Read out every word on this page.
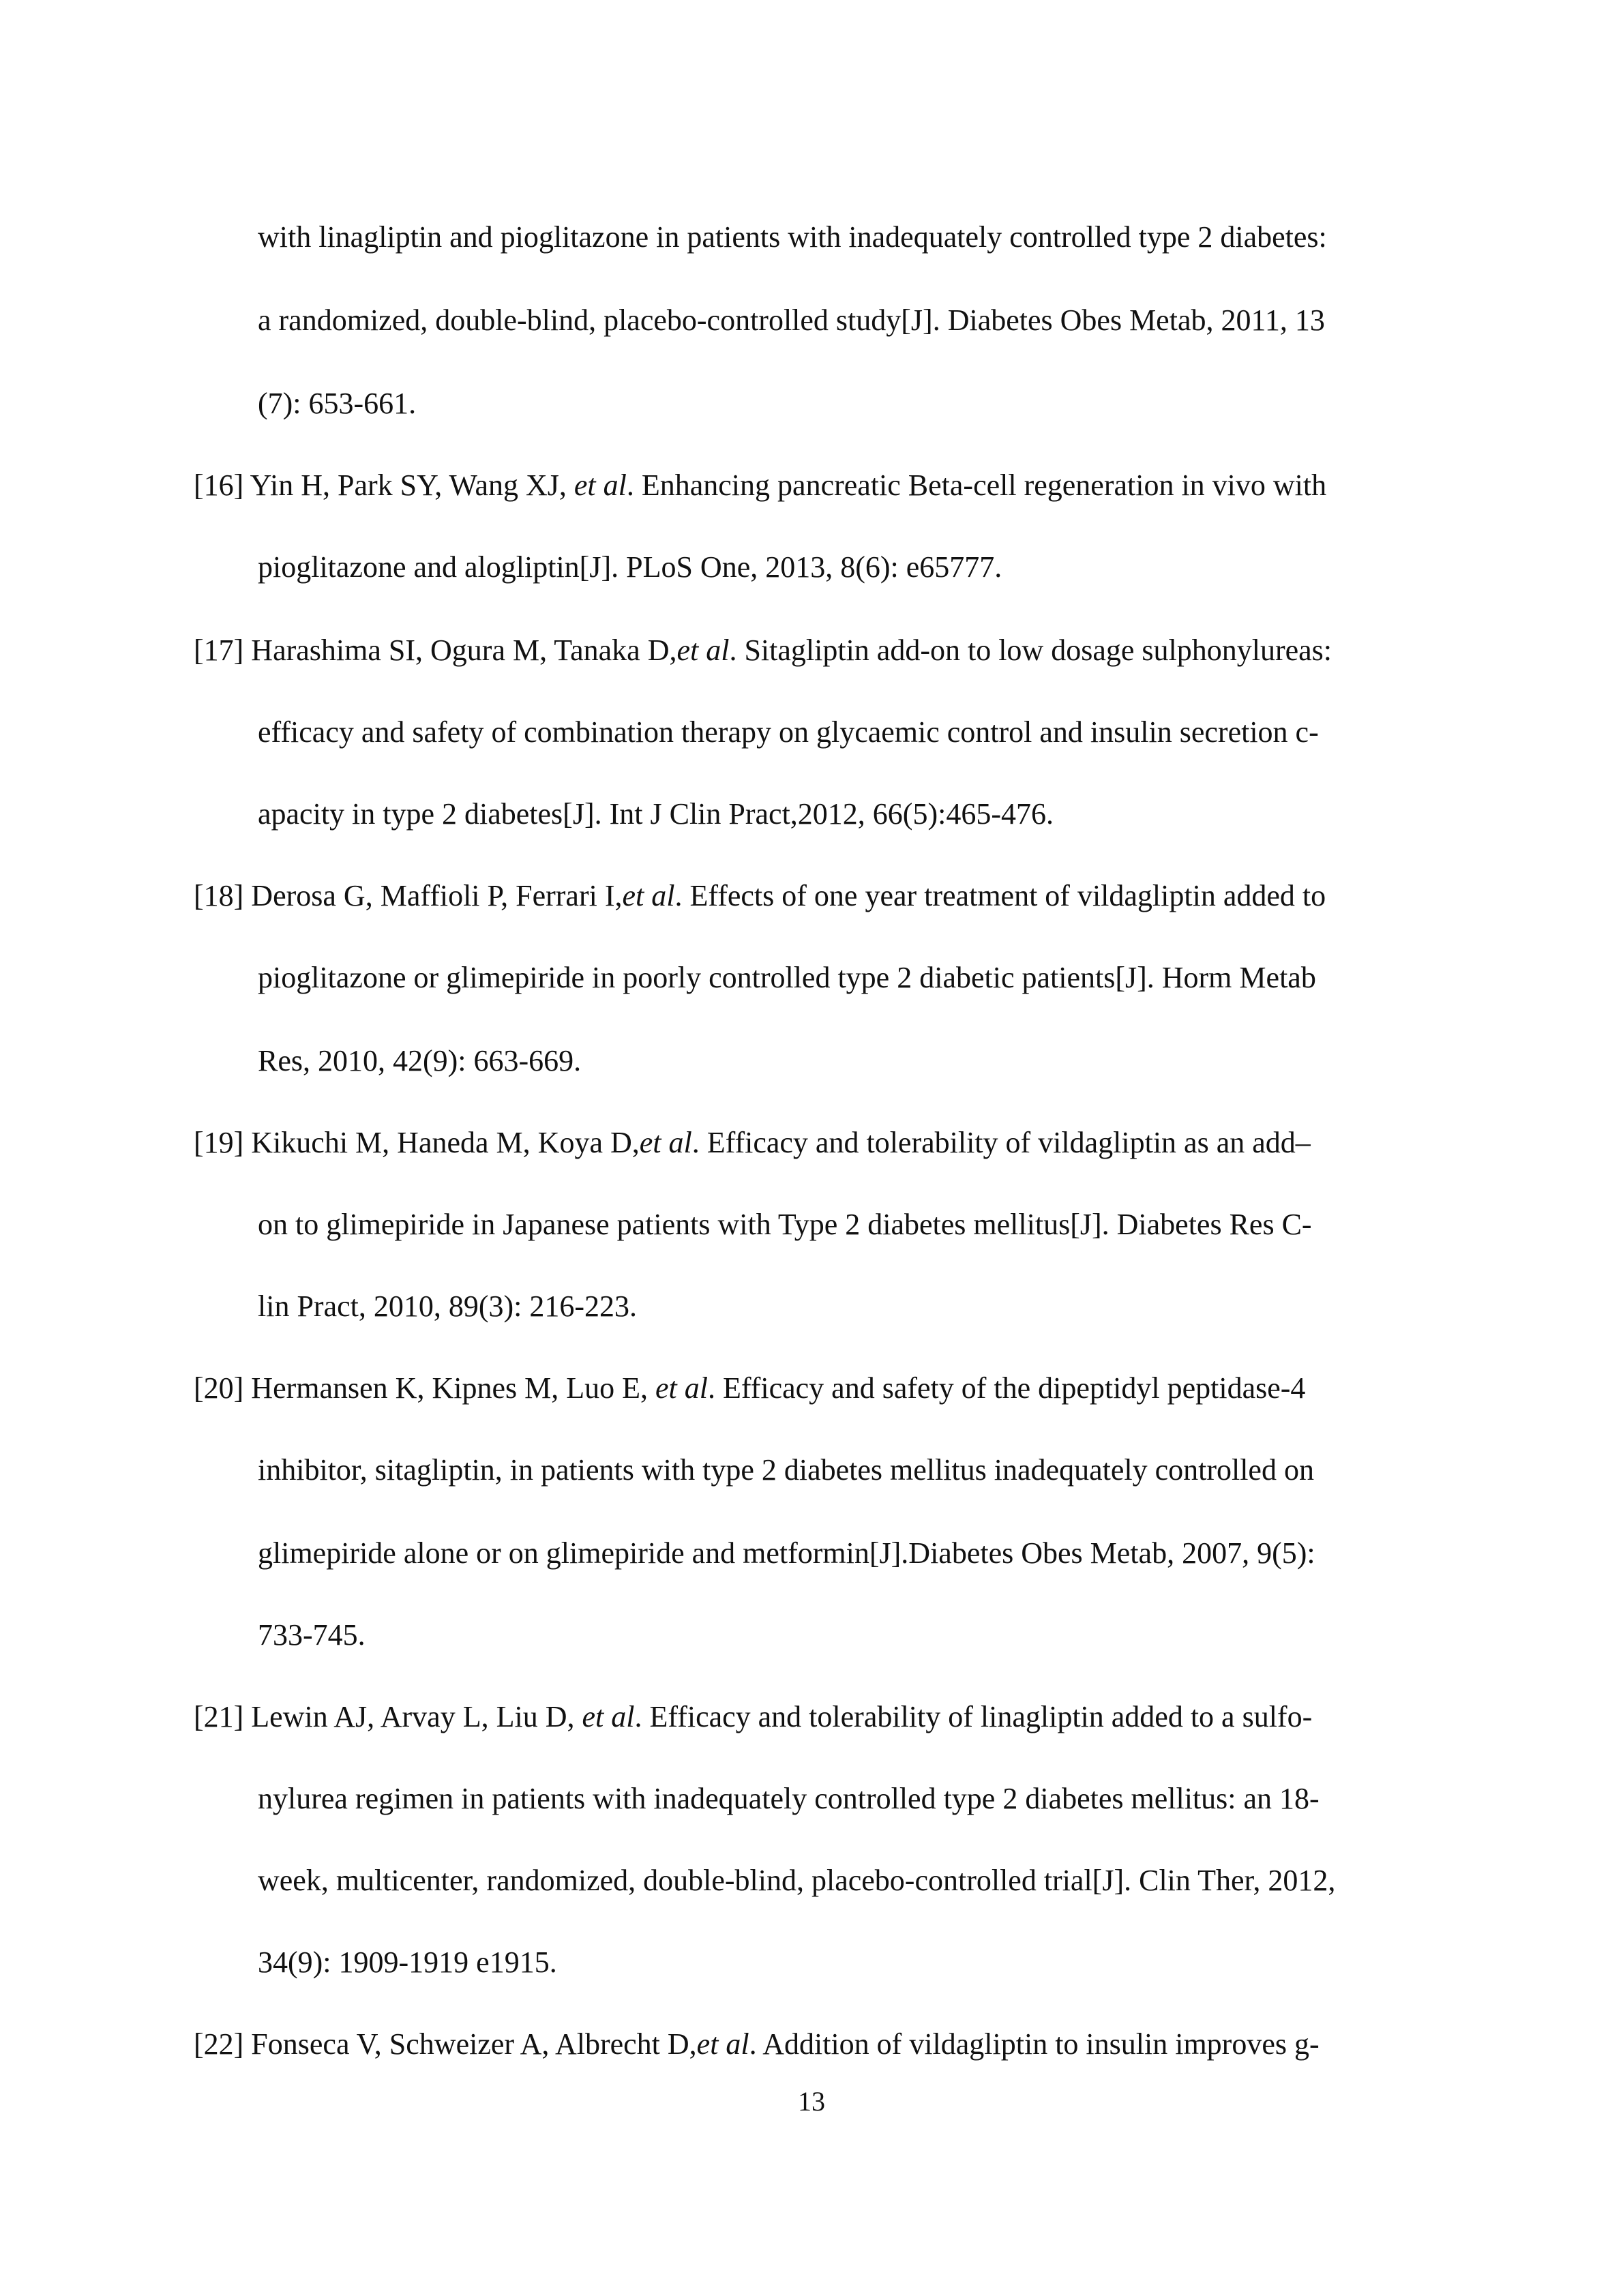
with linagliptin and pioglitazone in patients with inadequately controlled type 2 diabetes:
a randomized, double-blind, placebo-controlled study[J]. Diabetes Obes Metab, 2011, 13
(7): 653-661.
[16] Yin H, Park SY, Wang XJ, et al. Enhancing pancreatic Beta-cell regeneration in vivo with
pioglitazone and alogliptin[J]. PLoS One, 2013, 8(6): e65777.
[17] Harashima SI, Ogura M, Tanaka D,et al. Sitagliptin add-on to low dosage sulphonylureas:
efficacy and safety of combination therapy on glycaemic control and insulin secretion c-
apacity in type 2 diabetes[J]. Int J Clin Pract,2012, 66(5):465-476.
[18] Derosa G, Maffioli P, Ferrari I,et al. Effects of one year treatment of vildagliptin added to
pioglitazone or glimepiride in poorly controlled type 2 diabetic patients[J]. Horm Metab
Res, 2010, 42(9): 663-669.
[19] Kikuchi M, Haneda M, Koya D,et al. Efficacy and tolerability of vildagliptin as an add–
on to glimepiride in Japanese patients with Type 2 diabetes mellitus[J]. Diabetes Res C-
lin Pract, 2010, 89(3): 216-223.
[20] Hermansen K, Kipnes M, Luo E, et al. Efficacy and safety of the dipeptidyl peptidase-4
inhibitor, sitagliptin, in patients with type 2 diabetes mellitus inadequately controlled on
glimepiride alone or on glimepiride and metformin[J].Diabetes Obes Metab, 2007, 9(5):
733-745.
[21] Lewin AJ, Arvay L, Liu D, et al. Efficacy and tolerability of linagliptin added to a sulfo-
nylurea regimen in patients with inadequately controlled type 2 diabetes mellitus: an 18-
week, multicenter, randomized, double-blind, placebo-controlled trial[J]. Clin Ther, 2012,
34(9): 1909-1919 e1915.
[22] Fonseca V, Schweizer A, Albrecht D,et al. Addition of vildagliptin to insulin improves g-
13
